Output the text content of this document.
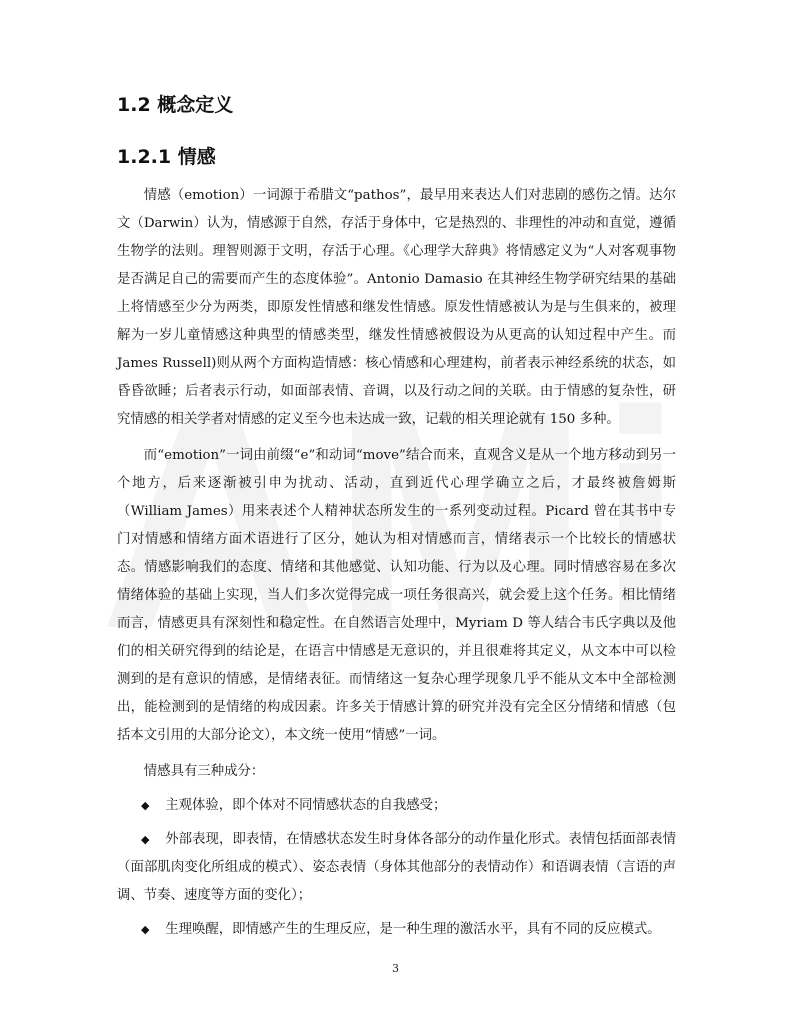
1.2 概念定义
1.2.1 情感

情感（emotion）一词源于希腊文“pathos”，最早用来表达人们对悲剧的感伤之情。达尔文（Darwin）认为，情感源于自然，存活于身体中，它是热烈的、非理性的冲动和直觉，遵循生物学的法则。理智则源于文明，存活于心理。《心理学大辞典》将情感定义为“人对客观事物是否满足自己的需要而产生的态度体验”。Antonio Damasio 在其神经生物学研究结果的基础上将情感至少分为两类，即原发性情感和继发性情感。原发性情感被认为是与生俱来的，被理解为一岁儿童情感这种典型的情感类型，继发性情感被假设为从更高的认知过程中产生。而 James Russell)则从两个方面构造情感：核心情感和心理建构，前者表示神经系统的状态，如昏昏欲睡；后者表示行动，如面部表情、音调，以及行动之间的关联。由于情感的复杂性，研究情感的相关学者对情感的定义至今也未达成一致，记载的相关理论就有 150 多种。

而“emotion”一词由前缀“e”和动词“move”结合而来，直观含义是从一个地方移动到另一个地方，后来逐渐被引申为扰动、活动，直到近代心理学确立之后，才最终被詹姆斯（William James）用来表述个人精神状态所发生的一系列变动过程。Picard 曾在其书中专门对情感和情绪方面术语进行了区分，她认为相对情感而言，情绪表示一个比较长的情感状态。情感影响我们的态度、情绪和其他感觉、认知功能、行为以及心理。同时情感容易在多次情绪体验的基础上实现，当人们多次觉得完成一项任务很高兴，就会爱上这个任务。相比情绪而言，情感更具有深刻性和稳定性。在自然语言处理中，Myriam D 等人结合韦氏字典以及他们的相关研究得到的结论是，在语言中情感是无意识的，并且很难将其定义，从文本中可以检测到的是有意识的情感，是情绪表征。而情绪这一复杂心理学现象几乎不能从文本中全部检测出，能检测到的是情绪的构成因素。许多关于情感计算的研究并没有完全区分情绪和情感（包括本文引用的大部分论文），本文统一使用“情感”一词。

情感具有三种成分：

◆	主观体验，即个体对不同情感状态的自我感受；

◆	外部表现，即表情，在情感状态发生时身体各部分的动作量化形式。表情包括面部表情（面部肌肉变化所组成的模式）、姿态表情（身体其他部分的表情动作）和语调表情（言语的声调、节奏、速度等方面的变化）；

◆	生理唤醒，即情感产生的生理反应，是一种生理的激活水平，具有不同的反应模式。

3
